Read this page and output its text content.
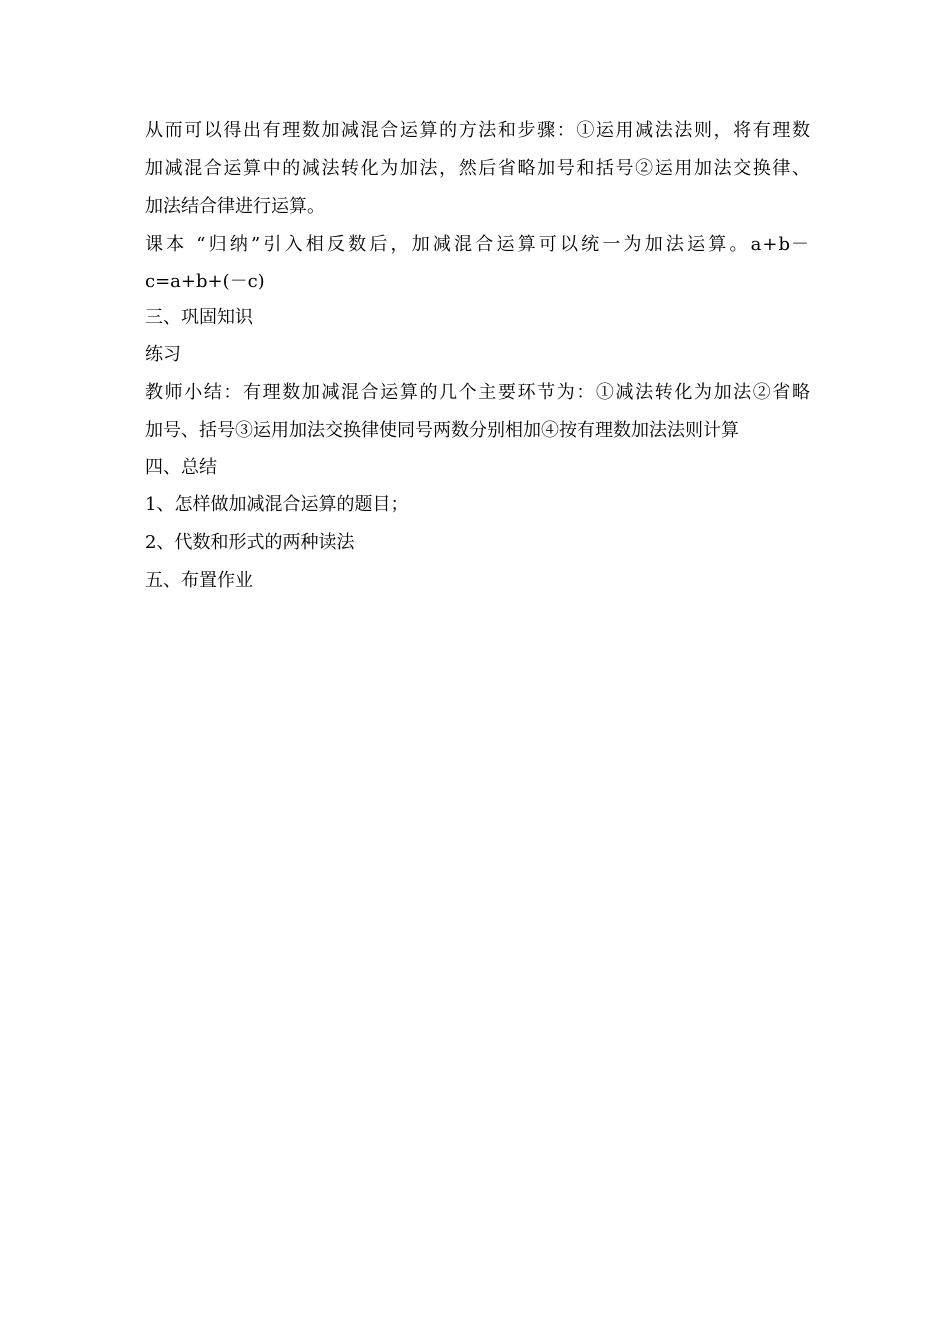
从而可以得出有理数加减混合运算的方法和步骤：①运用减法法则，将有理数
加减混合运算中的减法转化为加法，然后省略加号和括号②运用加法交换律、
加法结合律进行运算。
课本 “归纳”引入相反数后，加减混合运算可以统一为加法运算。a+b－
c=a+b+(－c)
三、巩固知识
练习
教师小结：有理数加减混合运算的几个主要环节为：①减法转化为加法②省略
加号、括号③运用加法交换律使同号两数分别相加④按有理数加法法则计算
四、总结
1、怎样做加减混合运算的题目；
2、代数和形式的两种读法
五、布置作业
